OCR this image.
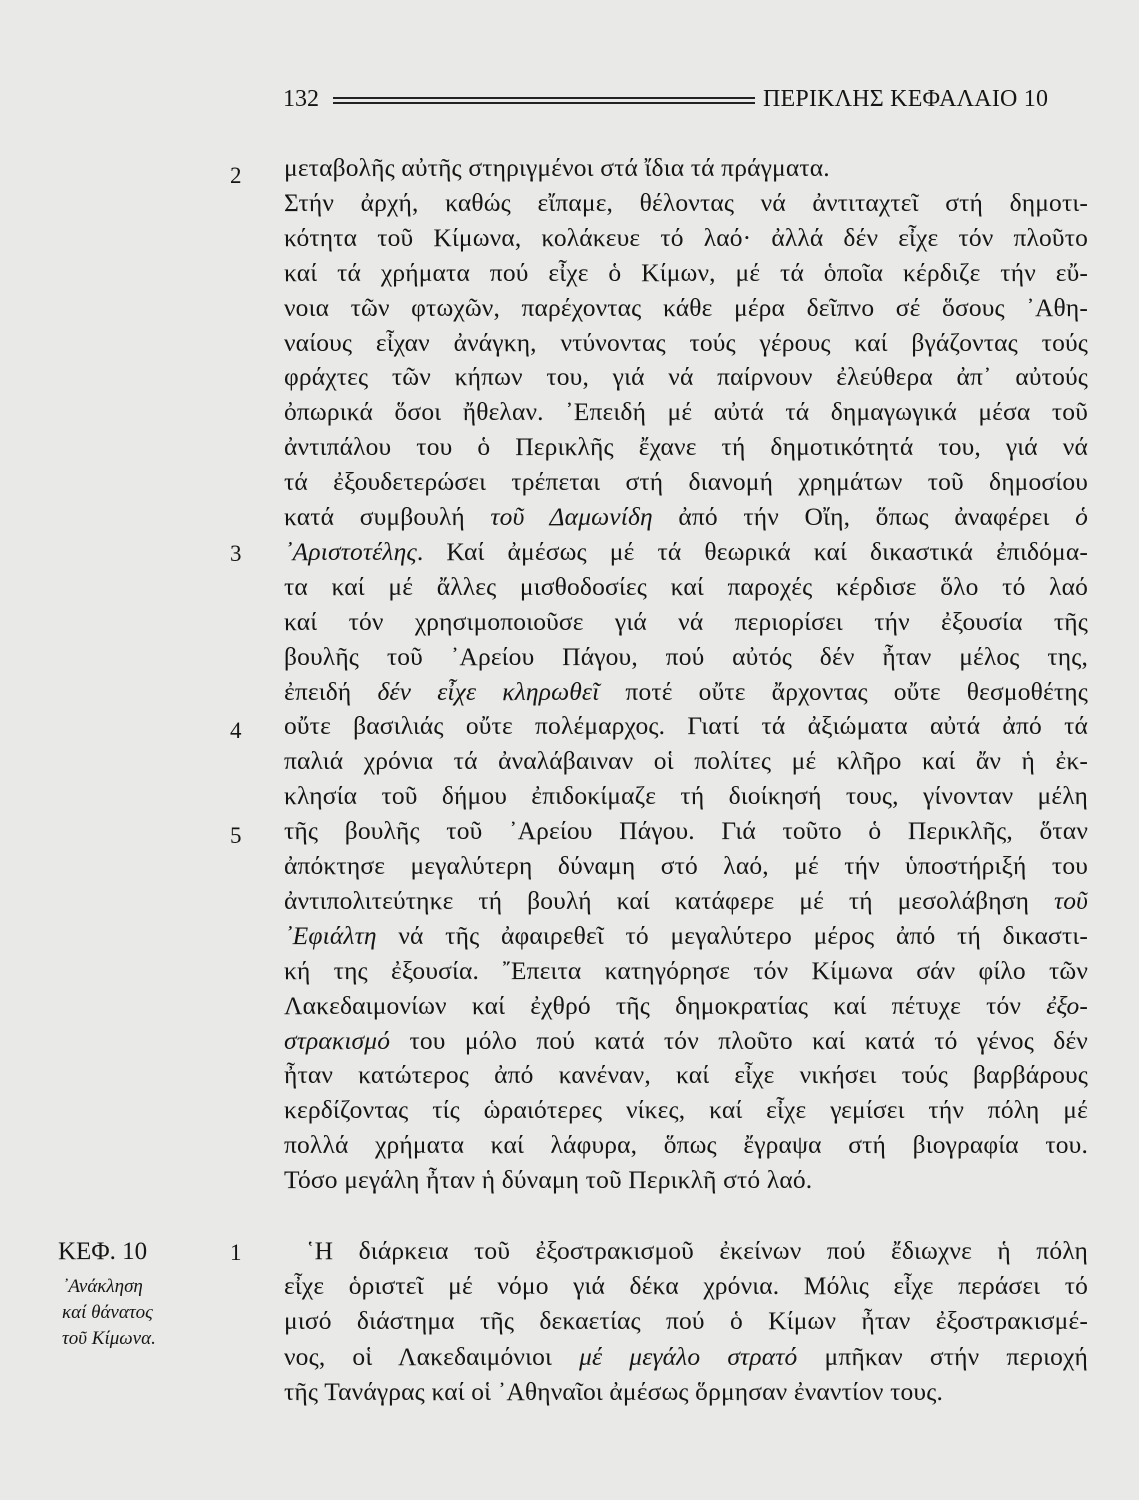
132	ΠΕΡΙΚΛΗΣ ΚΕΦΑΛΑΙΟ 10
2
3
4
5
1
ΚΕΦ. 10
᾽Ανάκληση
καί θάνατος
τοῦ Κίμωνα.
μεταβολῆς αὐτῆς στηριγμένοι στά ἴδια τά πράγματα.
Στήν ἀρχή, καθώς εἴπαμε, θέλοντας νά ἀντιταχτεῖ στή δημοτι-
κότητα τοῦ Κίμωνα, κολάκευε τό λαό· ἀλλά δέν εἶχε τόν πλοῦτο
καί τά χρήματα πού εἶχε ὁ Κίμων, μέ τά ὁποῖα κέρδιζε τήν εὔ-
νοια τῶν φτωχῶν, παρέχοντας κάθε μέρα δεῖπνο σέ ὅσους ᾽Αθη-
ναίους εἶχαν ἀνάγκη, ντύνοντας τούς γέρους καί βγάζοντας τούς
φράχτες τῶν κήπων του, γιά νά παίρνουν ἐλεύθερα ἀπ᾽ αὐτούς
ὀπωρικά ὅσοι ἤθελαν. ᾽Επειδή μέ αὐτά τά δημαγωγικά μέσα τοῦ
ἀντιπάλου του ὁ Περικλῆς ἔχανε τή δημοτικότητά του, γιά νά
τά ἐξουδετερώσει τρέπεται στή διανομή χρημάτων τοῦ δημοσίου
κατά συμβουλή τοῦ Δαμωνίδη ἀπό τήν Οἴη, ὅπως ἀναφέρει ὁ
᾽Αριστοτέλης. Καί ἀμέσως μέ τά θεωρικά καί δικαστικά ἐπιδόμα-
τα καί μέ ἄλλες μισθοδοσίες καί παροχές κέρδισε ὅλο τό λαό
καί τόν χρησιμοποιοῦσε γιά νά περιορίσει τήν ἐξουσία τῆς
βουλῆς τοῦ ᾽Αρείου Πάγου, πού αὐτός δέν ἦταν μέλος της,
ἐπειδή δέν εἶχε κληρωθεῖ ποτέ οὔτε ἄρχοντας οὔτε θεσμοθέτης
οὔτε βασιλιάς οὔτε πολέμαρχος. Γιατί τά ἀξιώματα αὐτά ἀπό τά
παλιά χρόνια τά ἀναλάβαιναν οἱ πολίτες μέ κλῆρο καί ἄν ἡ ἐκ-
κλησία τοῦ δήμου ἐπιδοκίμαζε τή διοίκησή τους, γίνονταν μέλη
τῆς βουλῆς τοῦ ᾽Αρείου Πάγου. Γιά τοῦτο ὁ Περικλῆς, ὅταν
ἀπόκτησε μεγαλύτερη δύναμη στό λαό, μέ τήν ὑποστήριξή του
ἀντιπολιτεύτηκε τή βουλή καί κατάφερε μέ τή μεσολάβηση τοῦ
᾽Εφιάλτη νά τῆς ἀφαιρεθεῖ τό μεγαλύτερο μέρος ἀπό τή δικαστι-
κή της ἐξουσία. ῎Επειτα κατηγόρησε τόν Κίμωνα σάν φίλο τῶν
Λακεδαιμονίων καί ἐχθρό τῆς δημοκρατίας καί πέτυχε τόν ἐξο-
στρακισμό του μόλο πού κατά τόν πλοῦτο καί κατά τό γένος δέν
ἦταν κατώτερος ἀπό κανέναν, καί εἶχε νικήσει τούς βαρβάρους
κερδίζοντας τίς ὡραιότερες νίκες, καί εἶχε γεμίσει τήν πόλη μέ
πολλά χρήματα καί λάφυρα, ὅπως ἔγραψα στή βιογραφία του.
Τόσο μεγάλη ἦταν ἡ δύναμη τοῦ Περικλῆ στό λαό.
῾Η διάρκεια τοῦ ἐξοστρακισμοῦ ἐκείνων πού ἔδιωχνε ἡ πόλη
εἶχε ὁριστεῖ μέ νόμο γιά δέκα χρόνια. Μόλις εἶχε περάσει τό
μισό διάστημα τῆς δεκαετίας πού ὁ Κίμων ἦταν ἐξοστρακισμέ-
νος, οἱ Λακεδαιμόνιοι μέ μεγάλο στρατό μπῆκαν στήν περιοχή
τῆς Τανάγρας καί οἱ ᾽Αθηναῖοι ἀμέσως ὅρμησαν ἐναντίον τους.
